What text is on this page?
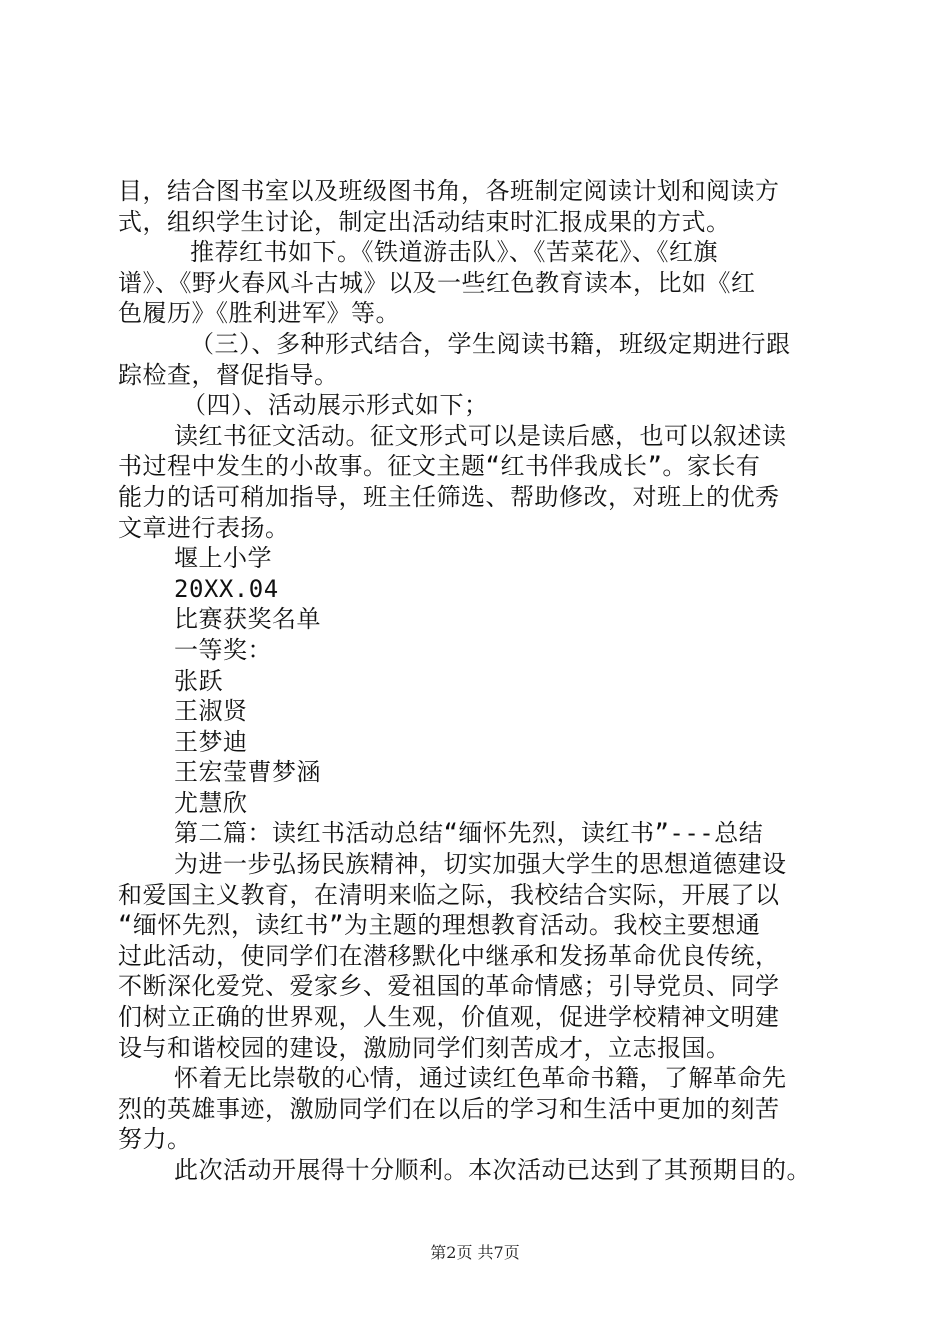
目，结合图书室以及班级图书角，各班制定阅读计划和阅读方
式，组织学生讨论，制定出活动结束时汇报成果的方式。
推荐红书如下。《铁道游击队》、《苦菜花》、《红旗
谱》、《野火春风斗古城》以及一些红色教育读本，比如《红
色履历》《胜利进军》等。
（三）、多种形式结合，学生阅读书籍，班级定期进行跟
踪检查，督促指导。
（四）、活动展示形式如下；
读红书征文活动。征文形式可以是读后感，也可以叙述读
书过程中发生的小故事。征文主题“红书伴我成长”。家长有
能力的话可稍加指导，班主任筛选、帮助修改，对班上的优秀
文章进行表扬。
堰上小学
20XX.04
比赛获奖名单
一等奖：
张跃
王淑贤
王梦迪
王宏莹曹梦涵
尤慧欣
第二篇：读红书活动总结“缅怀先烈，读红书”---总结
为进一步弘扬民族精神，切实加强大学生的思想道德建设
和爱国主义教育，在清明来临之际，我校结合实际，开展了以
“缅怀先烈，读红书”为主题的理想教育活动。我校主要想通
过此活动，使同学们在潜移默化中继承和发扬革命优良传统，
不断深化爱党、爱家乡、爱祖国的革命情感；引导党员、同学
们树立正确的世界观，人生观，价值观，促进学校精神文明建
设与和谐校园的建设，激励同学们刻苦成才，立志报国。
怀着无比崇敬的心情，通过读红色革命书籍，了解革命先
烈的英雄事迹，激励同学们在以后的学习和生活中更加的刻苦
努力。
此次活动开展得十分顺利。本次活动已达到了其预期目的。
第2页 共7页
